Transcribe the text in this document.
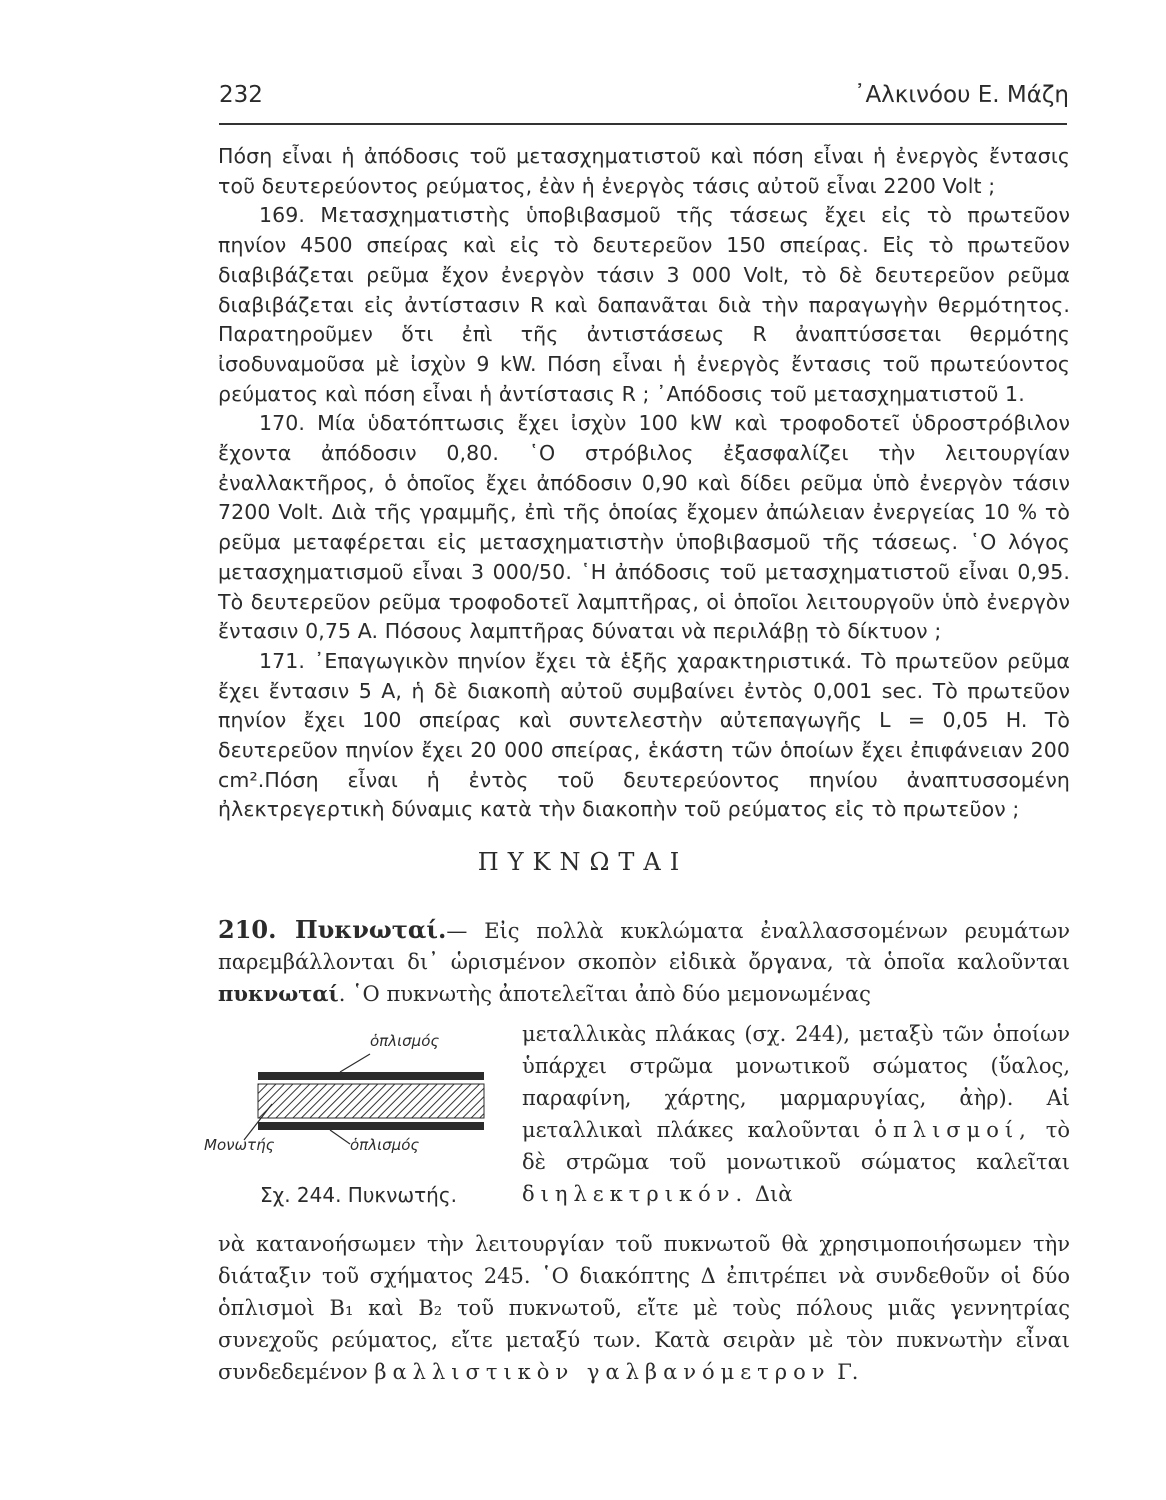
232	᾿Αλκινόου Ε. Μάζη

Πόση εἶναι ἡ ἀπόδοσις τοῦ μετασχηματιστοῦ καὶ πόση εἶναι ἡ ἐνεργὸς ἔντασις τοῦ δευτερεύοντος ρεύματος, ἐὰν ἡ ἐνεργὸς τάσις αὐτοῦ εἶναι 2200 Volt ;

169. Μετασχηματιστὴς ὑποβιβασμοῦ τῆς τάσεως ἔχει εἰς τὸ πρωτεῦον πηνίον 4500 σπείρας καὶ εἰς τὸ δευτερεῦον 150 σπείρας. Εἰς τὸ πρωτεῦον διαβιβάζεται ρεῦμα ἔχον ἐνεργὸν τάσιν 3 000 Volt, τὸ δὲ δευτερεῦον ρεῦμα διαβιβάζεται εἰς ἀντίστασιν R καὶ δαπανᾶται διὰ τὴν παραγωγὴν θερμότητος. Παρατηροῦμεν ὅτι ἐπὶ τῆς ἀντιστάσεως R ἀναπτύσσεται θερμότης ἰσοδυναμοῦσα μὲ ἰσχὺν 9 kW. Πόση εἶναι ἡ ἐνεργὸς ἔντασις τοῦ πρωτεύοντος ρεύματος καὶ πόση εἶναι ἡ ἀντίστασις R ; ᾿Απόδοσις τοῦ μετασχηματιστοῦ 1.

170. Μία ὑδατόπτωσις ἔχει ἰσχὺν 100 kW καὶ τροφοδοτεῖ ὑδροστρόβιλον ἔχοντα ἀπόδοσιν 0,80. ῾Ο στρόβιλος ἐξασφαλίζει τὴν λειτουργίαν ἐναλλακτῆρος, ὁ ὁποῖος ἔχει ἀπόδοσιν 0,90 καὶ δίδει ρεῦμα ὑπὸ ἐνεργὸν τάσιν 7200 Volt. Διὰ τῆς γραμμῆς, ἐπὶ τῆς ὁποίας ἔχομεν ἀπώλειαν ἐνεργείας 10 % τὸ ρεῦμα μεταφέρεται εἰς μετασχηματιστὴν ὑποβιβασμοῦ τῆς τάσεως. ῾Ο λόγος μετασχηματισμοῦ εἶναι 3 000/50. ῾Η ἀπόδοσις τοῦ μετασχηματιστοῦ εἶναι 0,95. Τὸ δευτερεῦον ρεῦμα τροφοδοτεῖ λαμπτῆρας, οἱ ὁποῖοι λειτουργοῦν ὑπὸ ἐνεργὸν ἔντασιν 0,75 A. Πόσους λαμπτῆρας δύναται νὰ περιλάβῃ τὸ δίκτυον ;

171. ᾿Επαγωγικὸν πηνίον ἔχει τὰ ἑξῆς χαρακτηριστικά. Τὸ πρωτεῦον ρεῦμα ἔχει ἔντασιν 5 A, ἡ δὲ διακοπὴ αὐτοῦ συμβαίνει ἐντὸς 0,001 sec. Τὸ πρωτεῦον πηνίον ἔχει 100 σπείρας καὶ συντελεστὴν αὐτεπαγωγῆς L = 0,05 H. Τὸ δευτερεῦον πηνίον ἔχει 20 000 σπείρας, ἑκάστη τῶν ὁποίων ἔχει ἐπιφάνειαν 200 cm².Πόση εἶναι ἡ ἐντὸς τοῦ δευτερεύοντος πηνίου ἀναπτυσσομένη ἠλεκτρεγερτικὴ δύναμις κατὰ τὴν διακοπὴν τοῦ ρεύματος εἰς τὸ πρωτεῦον ;

ΠΥΚΝΩΤΑΙ
210. Πυκνωταί.— Εἰς πολλὰ κυκλώματα ἐναλλασσομένων ρευμάτων παρεμβάλλονται δι᾿ ὡρισμένον σκοπὸν εἰδικὰ ὄργανα, τὰ ὁποῖα καλοῦνται πυκνωταί. ῾Ο πυκνωτὴς ἀποτελεῖται ἀπὸ δύο μεμονωμένας
μεταλλικὰς πλάκας (σχ. 244), μεταξὺ τῶν ὁποίων ὑπάρχει στρῶμα μονωτικοῦ σώματος (ὕαλος, παραφίνη, χάρτης, μαρμαρυγίας, ἀὴρ). Αἱ μεταλλικαὶ πλάκες καλοῦνται ὁπλισμοί, τὸ δὲ στρῶμα τοῦ μονωτικοῦ σώματος καλεῖται διηλεκτρικόν. Διὰ
νὰ κατανοήσωμεν τὴν λειτουργίαν τοῦ πυκνωτοῦ θὰ χρησιμοποιήσωμεν τὴν διάταξιν τοῦ σχήματος 245. ῾Ο διακόπτης Δ ἐπιτρέπει νὰ συνδεθοῦν οἱ δύο ὁπλισμοὶ B₁ καὶ B₂ τοῦ πυκνωτοῦ, εἴτε μὲ τοὺς πόλους μιᾶς γεννητρίας συνεχοῦς ρεύματος, εἴτε μεταξύ των. Κατὰ σειρὰν μὲ τὸν πυκνωτὴν εἶναι συνδεδεμένον βαλλιστικὸν γαλβανόμετρον Γ.
ὁπλισμός
Μονωτής	ὁπλισμός
Σχ. 244. Πυκνωτής.
